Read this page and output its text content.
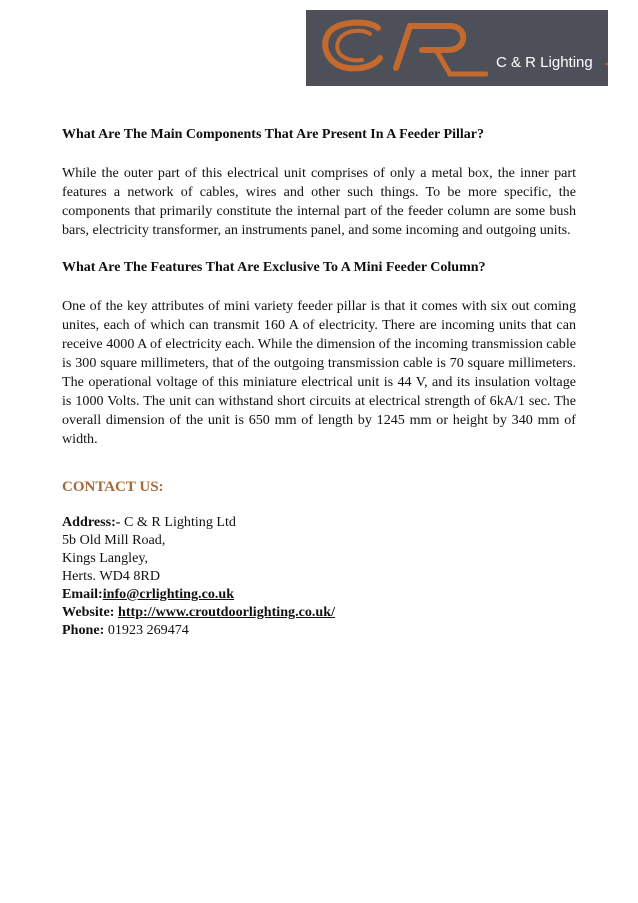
C & R Lighting
What Are The Main Components That Are Present In A Feeder Pillar?

While the outer part of this electrical unit comprises of only a metal box, the inner part features a network of cables, wires and other such things. To be more specific, the components that primarily constitute the internal part of the feeder column are some bush bars, electricity transformer, an instruments panel, and some incoming and outgoing units.

What Are The Features That Are Exclusive To A Mini Feeder Column?

One of the key attributes of mini variety feeder pillar is that it comes with six out coming unites, each of which can transmit 160 A of electricity. There are incoming units that can receive 4000 A of electricity each. While the dimension of the incoming transmission cable is 300 square millimeters, that of the outgoing transmission cable is 70 square millimeters. The operational voltage of this miniature electrical unit is 44 V, and its insulation voltage is 1000 Volts. The unit can withstand short circuits at electrical strength of 6kA/1 sec. The overall dimension of the unit is 650 mm of length by 1245 mm or height by 340 mm of width.

CONTACT US:
Address:- C & R Lighting Ltd
5b Old Mill Road,
Kings Langley,
Herts. WD4 8RD
Email:info@crlighting.co.uk
Website: http://www.croutdoorlighting.co.uk/
Phone: 01923 269474
